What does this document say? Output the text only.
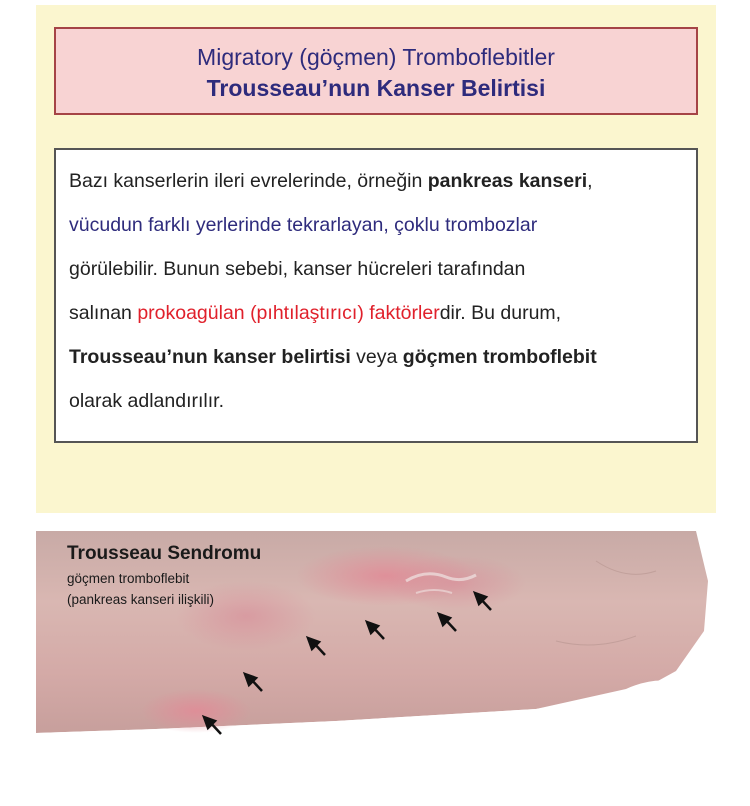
Migratory (göçmen) Tromboflebitler
Trousseau’nun Kanser Belirtisi
Bazı kanserlerin ileri evrelerinde, örneğin pankreas kanseri,
vücudun farklı yerlerinde tekrarlayan, çoklu trombozlar
görülebilir. Bunun sebebi, kanser hücreleri tarafından
salınan prokoagülan (pıhtılaştırıcı) faktörlerdir. Bu durum,
Trousseau’nun kanser belirtisi veya göçmen tromboflebit
olarak adlandırılır.
Trousseau Sendromu
göçmen tromboflebit
(pankreas kanseri ilişkili)
